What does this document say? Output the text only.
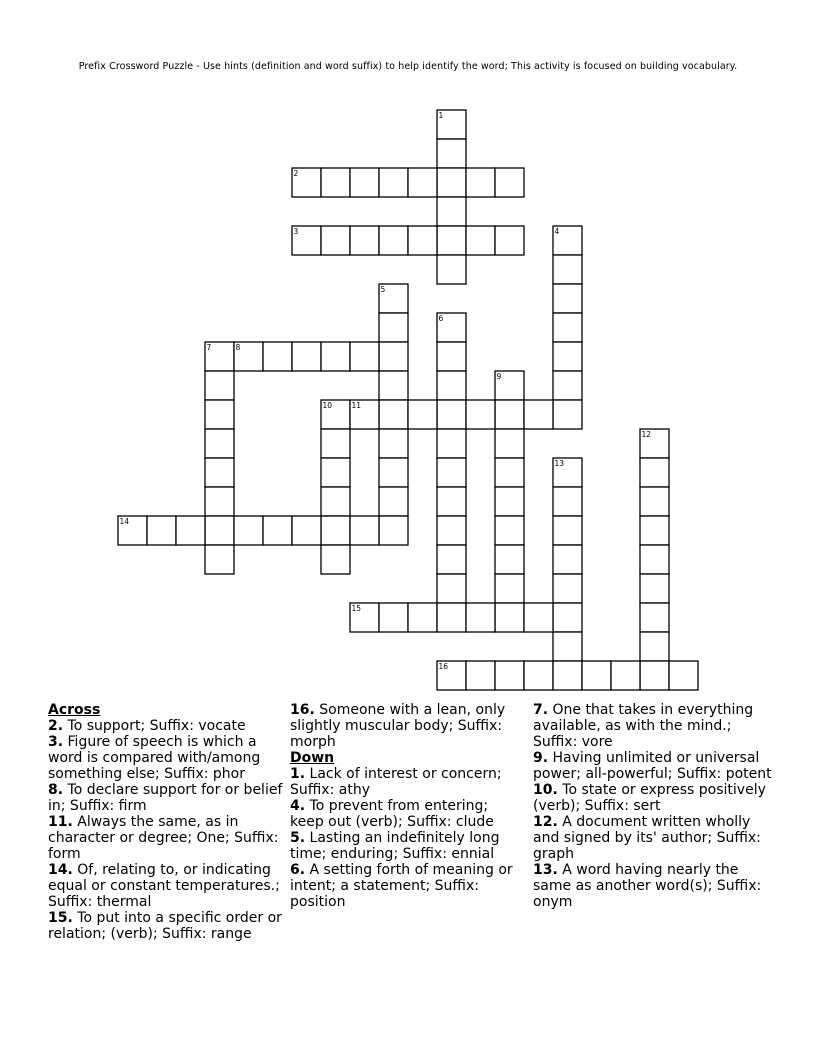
Prefix Crossword Puzzle - Use hints (definition and word suffix) to help identify the word; This activity is focused on building vocabulary.
1
2
3	4
5
6
7	8
9
10	11
12
13
14
15
16
Across
2. To support; Suffix: vocate
3. Figure of speech is which a word is compared with/among something else; Suffix: phor
8. To declare support for or belief in; Suffix: firm
11. Always the same, as in character or degree; One; Suffix: form
14. Of, relating to, or indicating equal or constant temperatures.; Suffix: thermal
15. To put into a specific order or relation; (verb); Suffix: range
16. Someone with a lean, only slightly muscular body; Suffix: morph
Down
1. Lack of interest or concern; Suffix: athy
4. To prevent from entering; keep out (verb); Suffix: clude
5. Lasting an indefinitely long time; enduring; Suffix: ennial
6. A setting forth of meaning or intent; a statement; Suffix: position
7. One that takes in everything available, as with the mind.; Suffix: vore
9. Having unlimited or universal power; all-powerful; Suffix: potent
10. To state or express positively (verb); Suffix: sert
12. A document written wholly and signed by its' author; Suffix: graph
13. A word having nearly the same as another word(s); Suffix: onym
